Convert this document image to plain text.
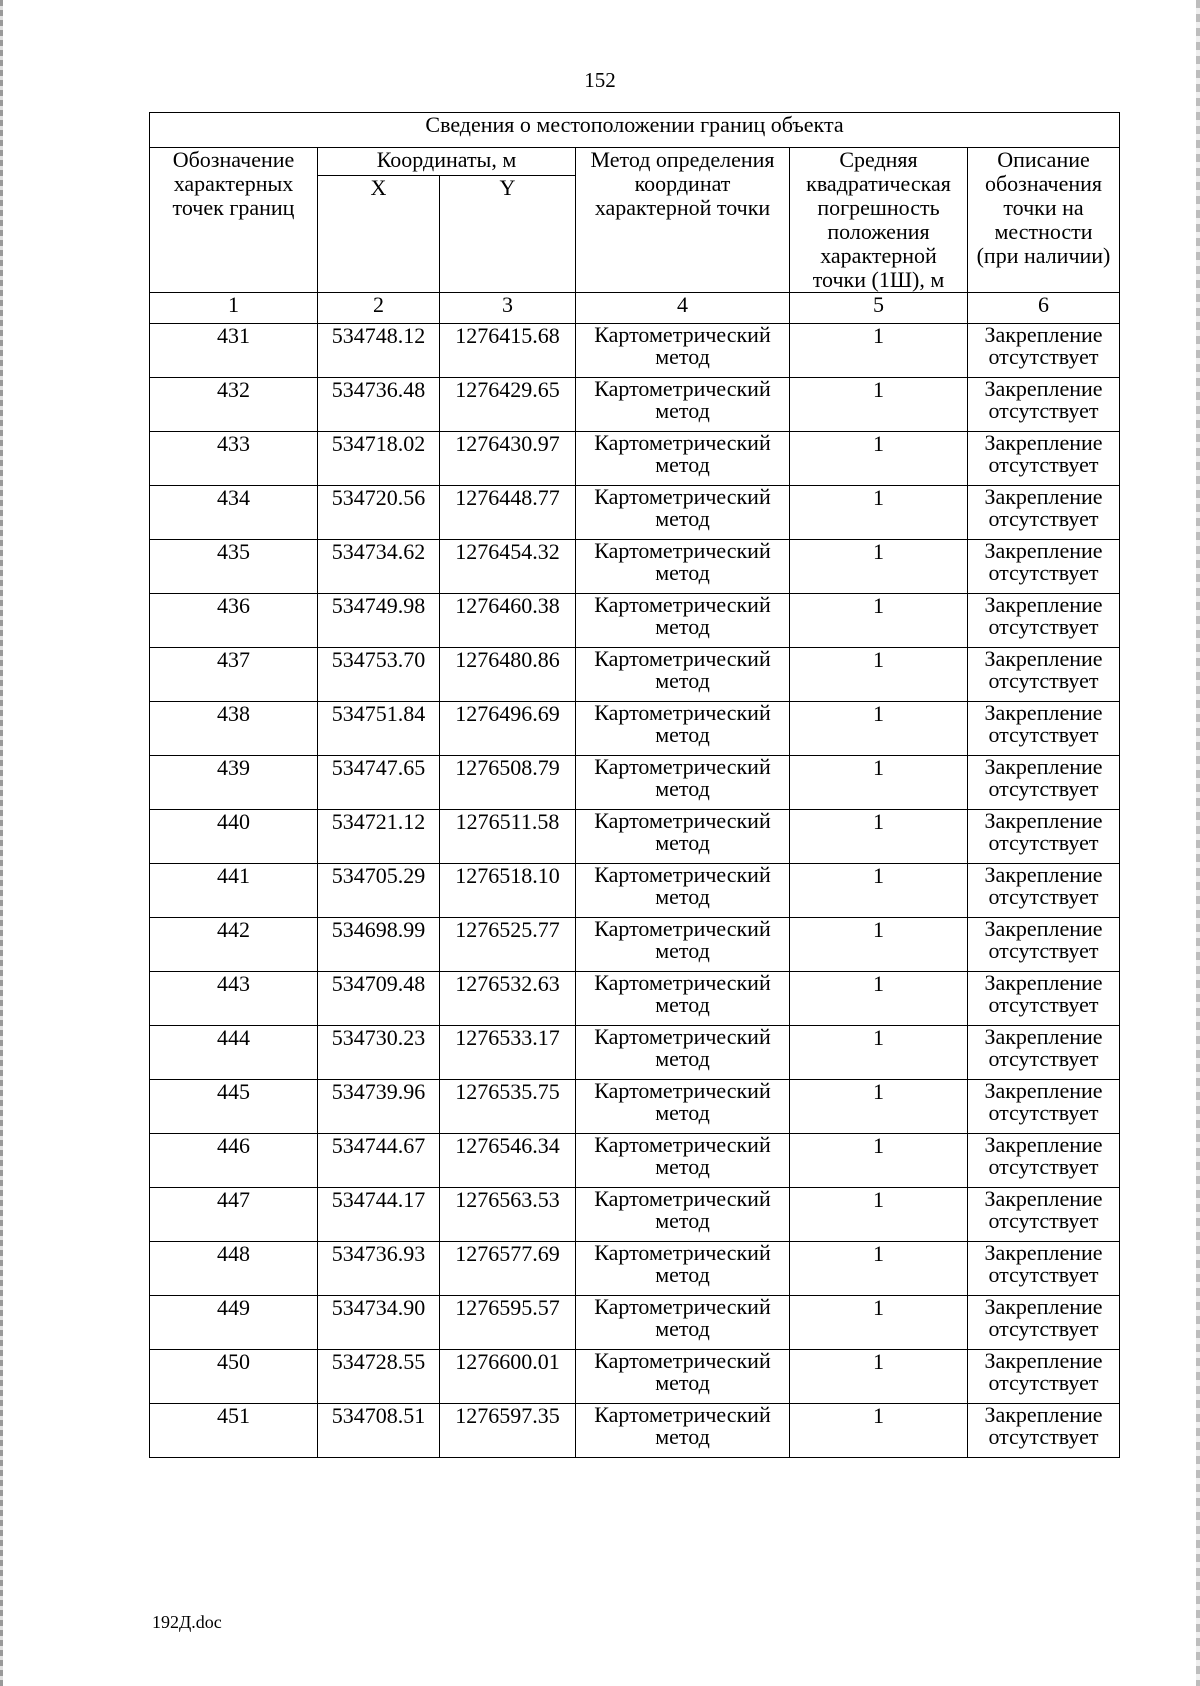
152
Сведения о местоположении границ объекта					
Обозначение характерных точек границ	Координаты, м		Метод определения координат характерной точки	Средняя квадратическая погрешность положения характерной точки (1Ш), м	Описание обозначения точки на местности (при наличии)
	X	Y			
1	2	3	4	5	6
431	534748.12	1276415.68	Картометрический метод	1	Закрепление отсутствует
432	534736.48	1276429.65	Картометрический метод	1	Закрепление отсутствует
433	534718.02	1276430.97	Картометрический метод	1	Закрепление отсутствует
434	534720.56	1276448.77	Картометрический метод	1	Закрепление отсутствует
435	534734.62	1276454.32	Картометрический метод	1	Закрепление отсутствует
436	534749.98	1276460.38	Картометрический метод	1	Закрепление отсутствует
437	534753.70	1276480.86	Картометрический метод	1	Закрепление отсутствует
438	534751.84	1276496.69	Картометрический метод	1	Закрепление отсутствует
439	534747.65	1276508.79	Картометрический метод	1	Закрепление отсутствует
440	534721.12	1276511.58	Картометрический метод	1	Закрепление отсутствует
441	534705.29	1276518.10	Картометрический метод	1	Закрепление отсутствует
442	534698.99	1276525.77	Картометрический метод	1	Закрепление отсутствует
443	534709.48	1276532.63	Картометрический метод	1	Закрепление отсутствует
444	534730.23	1276533.17	Картометрический метод	1	Закрепление отсутствует
445	534739.96	1276535.75	Картометрический метод	1	Закрепление отсутствует
446	534744.67	1276546.34	Картометрический метод	1	Закрепление отсутствует
447	534744.17	1276563.53	Картометрический метод	1	Закрепление отсутствует
448	534736.93	1276577.69	Картометрический метод	1	Закрепление отсутствует
449	534734.90	1276595.57	Картометрический метод	1	Закрепление отсутствует
450	534728.55	1276600.01	Картометрический метод	1	Закрепление отсутствует
451	534708.51	1276597.35	Картометрический метод	1	Закрепление отсутствует
192Д.doc
